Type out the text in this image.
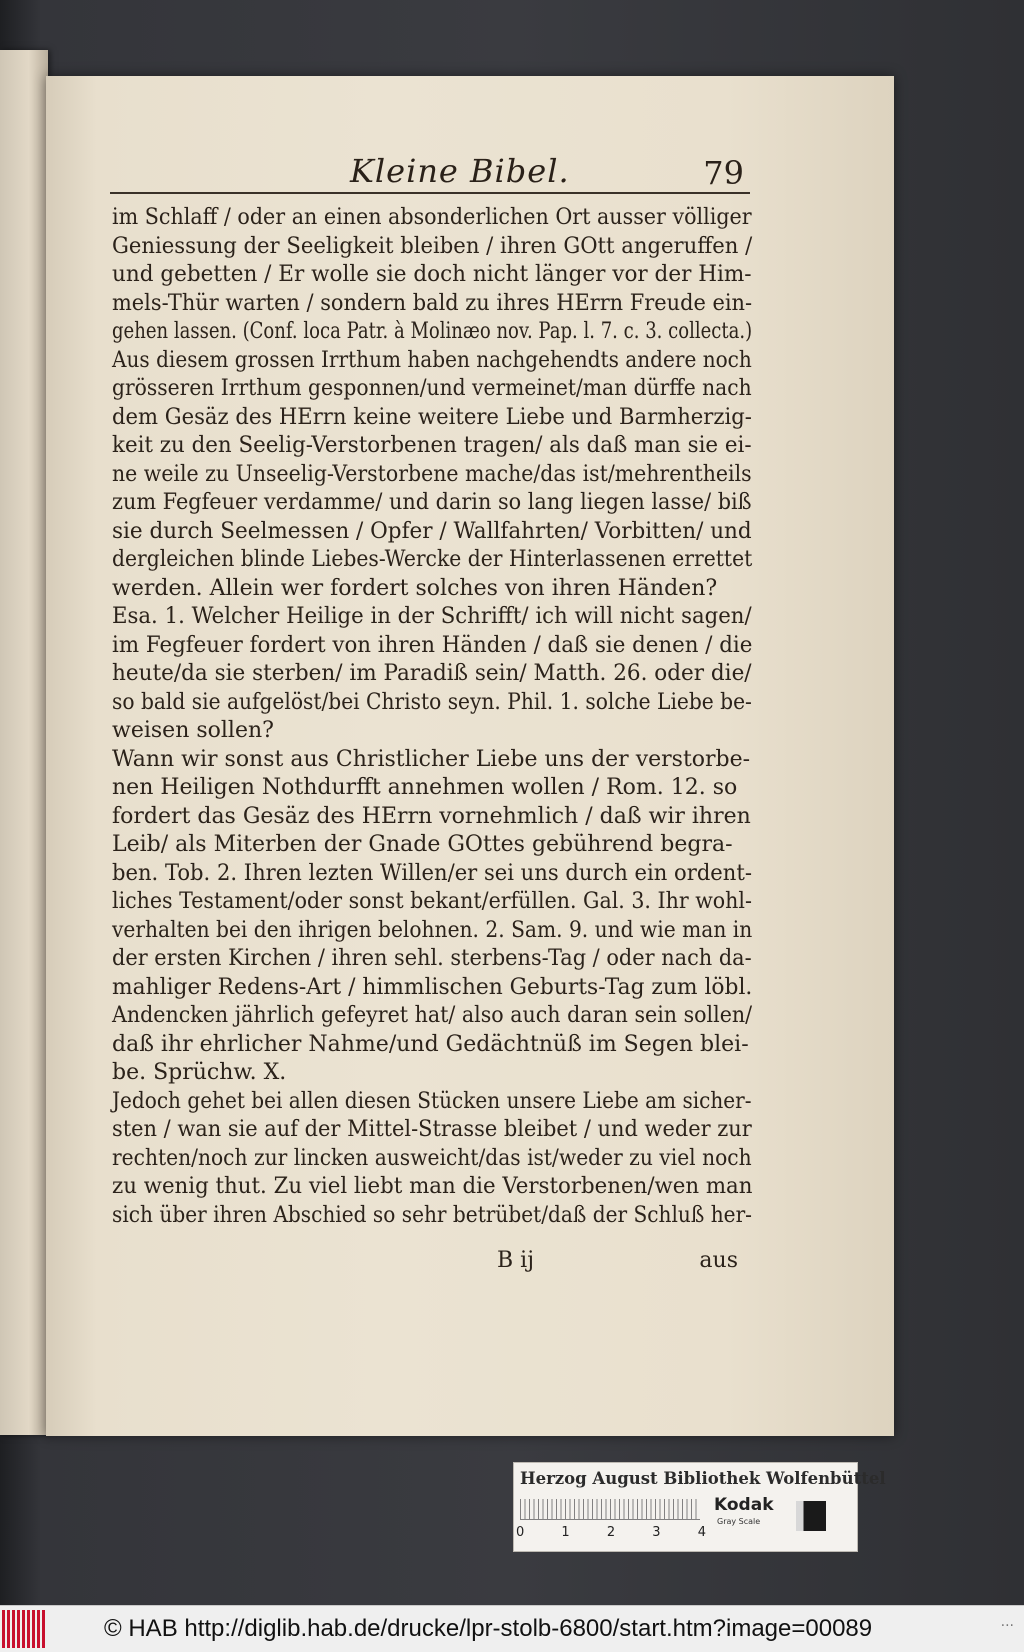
Kleine Bibel.	79
im Schlaff / oder an einen absonderlichen Ort ausser völliger
Geniessung der Seeligkeit bleiben / ihren GOtt angeruffen /
und gebetten / Er wolle sie doch nicht länger vor der Him-
mels-Thür warten / sondern bald zu ihres HErrn Freude ein-
gehen lassen. (Conf. loca Patr. à Molinæo nov. Pap. l. 7. c. 3. collecta.)
Aus diesem grossen Irrthum haben nachgehendts andere noch
grösseren Irrthum gesponnen/und vermeinet/man dürffe nach
dem Gesäz des HErrn keine weitere Liebe und Barmherzig-
keit zu den Seelig-Verstorbenen tragen/ als daß man sie ei-
ne weile zu Unseelig-Verstorbene mache/das ist/mehrentheils
zum Fegfeuer verdamme/ und darin so lang liegen lasse/ biß
sie durch Seelmessen / Opfer / Wallfahrten/ Vorbitten/ und
dergleichen blinde Liebes-Wercke der Hinterlassenen errettet
werden. Allein wer fordert solches von ihren Händen?
Esa. 1. Welcher Heilige in der Schrifft/ ich will nicht sagen/
im Fegfeuer fordert von ihren Händen / daß sie denen / die
heute/da sie sterben/ im Paradiß sein/ Matth. 26. oder die/
so bald sie aufgelöst/bei Christo seyn. Phil. 1. solche Liebe be-
weisen sollen?
Wann wir sonst aus Christlicher Liebe uns der verstorbe-
nen Heiligen Nothdurfft annehmen wollen / Rom. 12. so
fordert das Gesäz des HErrn vornehmlich / daß wir ihren
Leib/ als Miterben der Gnade GOttes gebührend begra-
ben. Tob. 2. Ihren lezten Willen/er sei uns durch ein ordent-
liches Testament/oder sonst bekant/erfüllen. Gal. 3. Ihr wohl-
verhalten bei den ihrigen belohnen. 2. Sam. 9. und wie man in
der ersten Kirchen / ihren sehl. sterbens-Tag / oder nach da-
mahliger Redens-Art / himmlischen Geburts-Tag zum löbl.
Andencken jährlich gefeyret hat/ also auch daran sein sollen/
daß ihr ehrlicher Nahme/und Gedächtnüß im Segen blei-
be. Sprüchw. X.
Jedoch gehet bei allen diesen Stücken unsere Liebe am sicher-
sten / wan sie auf der Mittel-Strasse bleibet / und weder zur
rechten/noch zur lincken ausweicht/das ist/weder zu viel noch
zu wenig thut. Zu viel liebt man die Verstorbenen/wen man
sich über ihren Abschied so sehr betrübet/daß der Schluß her-
B ij	aus
Herzog August Bibliothek Wolfenbüttel
0	1	2	3	4
Kodak
Gray Scale
© HAB http://diglib.hab.de/drucke/lpr-stolb-6800/start.htm?image=00089	···
